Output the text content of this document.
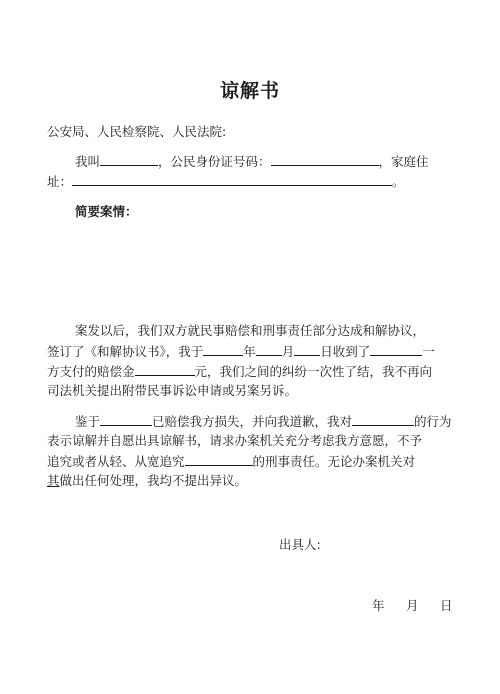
谅解书
公安局、人民检察院、人民法院:
我叫	，公民身份证号码：	，家庭住
址：	。
简要案情：
案发以后，我们双方就民事赔偿和刑事责任部分达成和解协议，
签订了《和解协议书》，我于	年 月 日收到了	一
方支付的赔偿金	元，我们之间的纠纷一次性了结，我不再向
司法机关提出附带民事诉讼申请或另案另诉。
鉴于	已赔偿我方损失，并向我道歉，我对	的行为
表示谅解并自愿出具谅解书，请求办案机关充分考虑我方意愿，不予
追究或者从轻、从宽追究	的刑事责任。无论办案机关对
其做出任何处理，我均不提出异议。
出具人:
年 月 日
